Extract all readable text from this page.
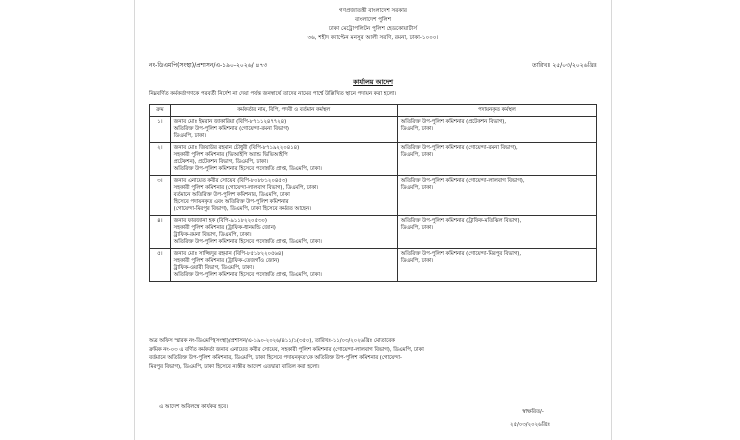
গণপ্রজাতন্ত্রী বাংলাদেশ সরকার
বাংলাদেশ পুলিশ
ঢাকা মেট্রোপলিটন পুলিশ হেডকোয়ার্টার্স
৩৬, শহীদ ক্যাপ্টেন মনসুর আলী সরণি, রমনা, ঢাকা-১০০০।
নং-ডিএমপি(সংস্থা)/প্রশাসন/এ-১৯০-২০২৬/ ৪৭৩	তারিখঃ ২৫/০৩/২০২৬খ্রিঃ
কার্যালয় আদেশ
নিম্নবর্ণিত কর্মকর্তাগণকে পরবর্তী নির্দেশ না দেয়া পর্যন্ত জনস্বার্থে তাদের নামের পার্শ্বে উল্লিখিত স্থানে পদায়ন করা হলো।
ক্রম	কর্মকর্তার নাম, বিপি, পদবী ও বর্তমান কর্মস্থল	পদায়নকৃত কর্মস্থল
১।	জনাব মোঃ ইমরান জাকারিয়া (বিপি-৮৭১১২৪৭৭২৪)
অতিরিক্ত উপ-পুলিশ কমিশনার (গোয়েন্দা-রমনা বিভাগ)
ডিএমপি, ঢাকা।	অতিরিক্ত উপ-পুলিশ কমিশনার (প্রটেকশন বিভাগ),
ডিএমপি, ঢাকা।

২।	জনাব মোঃ জিয়াউর রহমান চৌধুরী (বিপি-৮৭১৯২২০৪১৪)
সহকারী পুলিশ কমিশনার (ভিআইপি অ্যান্ড ভিভিআইপি
প্রটেকশন), প্রটেকশন বিভাগ, ডিএমপি, ঢাকা।
অতিরিক্ত উপ-পুলিশ কমিশনার হিসেবে পদোন্নতি প্রাপ্ত, ডিএমপি, ঢাকা।	অতিরিক্ত উপ-পুলিশ কমিশনার (গোয়েন্দা-রমনা বিভাগ),
ডিএমপি, ঢাকা।

৩।	জনাব এনায়েত কবীর সোয়েব (বিপি-৮০৮৮১২০৪৫৩)
সহকারী পুলিশ কমিশনার (গোয়েন্দা-লালবাগ বিভাগ), ডিএমপি, ঢাকা।
বর্তমানে অতিরিক্ত উপ-পুলিশ কমিশনার, ডিএমপি, ঢাকা
হিসেবে পদায়নকৃত এবং অতিরিক্ত উপ-পুলিশ কমিশনার
(গোয়েন্দা-মিরপুর বিভাগ), ডিএমপি, ঢাকা হিসেবে কর্মরত আছেন।	অতিরিক্ত উপ-পুলিশ কমিশনার (গোয়েন্দা-লালবাগ বিভাগ),
ডিএমপি, ঢাকা।

৪।	জনাব ফারজানা হক (বিপি-৯১১৮২২০৫৩০)
সহকারী পুলিশ কমিশনার (ট্রাফিক-ধানমন্ডি জোন)
ট্রাফিক-রমনা বিভাগ, ডিএমপি, ঢাকা।
অতিরিক্ত উপ-পুলিশ কমিশনার হিসেবে পদোন্নতি প্রাপ্ত, ডিএমপি, ঢাকা।	অতিরিক্ত উপ-পুলিশ কমিশনার (ট্রাফিক-মতিঝিল বিভাগ),
ডিএমপি, ঢাকা।

৫।	জনাব মোঃ সাজ্জিদুর রহমান (বিপি-৮৫১৮২২০৫৬৪)
সহকারী পুলিশ কমিশনার (ট্রাফিক-তেজগাঁও জোন)
ট্রাফিক-ওয়ারী বিভাগ, ডিএমপি, ঢাকা।
অতিরিক্ত উপ-পুলিশ কমিশনার হিসেবে পদোন্নতি প্রাপ্ত, ডিএমপি, ঢাকা।	অতিরিক্ত উপ-পুলিশ কমিশনার (গোয়েন্দা-মিরপুর বিভাগ),
ডিএমপি, ঢাকা।
অত্র অফিস স্মারক নং-ডিএমপি(সংস্থা)/প্রশাসন/এ-১৯০-২০২৬/৪১১/১(৩৫০), তারিখঃ-১১/০৩/২০২৬খ্রিঃ মোতাবেক
ক্রমিক নং-০৩ এ বর্ণিত কর্মকর্তা জনাব এনায়েত কবীর সোয়েব, সহকারী পুলিশ কমিশনার (গোয়েন্দা-লালবাগ বিভাগ), ডিএমপি, ঢাকা
বর্তমানে অতিরিক্ত উপ-পুলিশ কমিশনার, ডিএমপি, ঢাকা হিসেবে পদায়নকৃত'কে অতিরিক্ত উপ-পুলিশ কমিশনার (গোয়েন্দা-
মিরপুর বিভাগ), ডিএমপি, ঢাকা হিসেবে ন্যস্তীর আদেশ এতদ্বারা বাতিল করা হলো।
এ আদেশ অবিলম্বে কার্যকর হবে।
স্বাক্ষরিত/-
২৫/০৩/২০২৬খ্রিঃ
